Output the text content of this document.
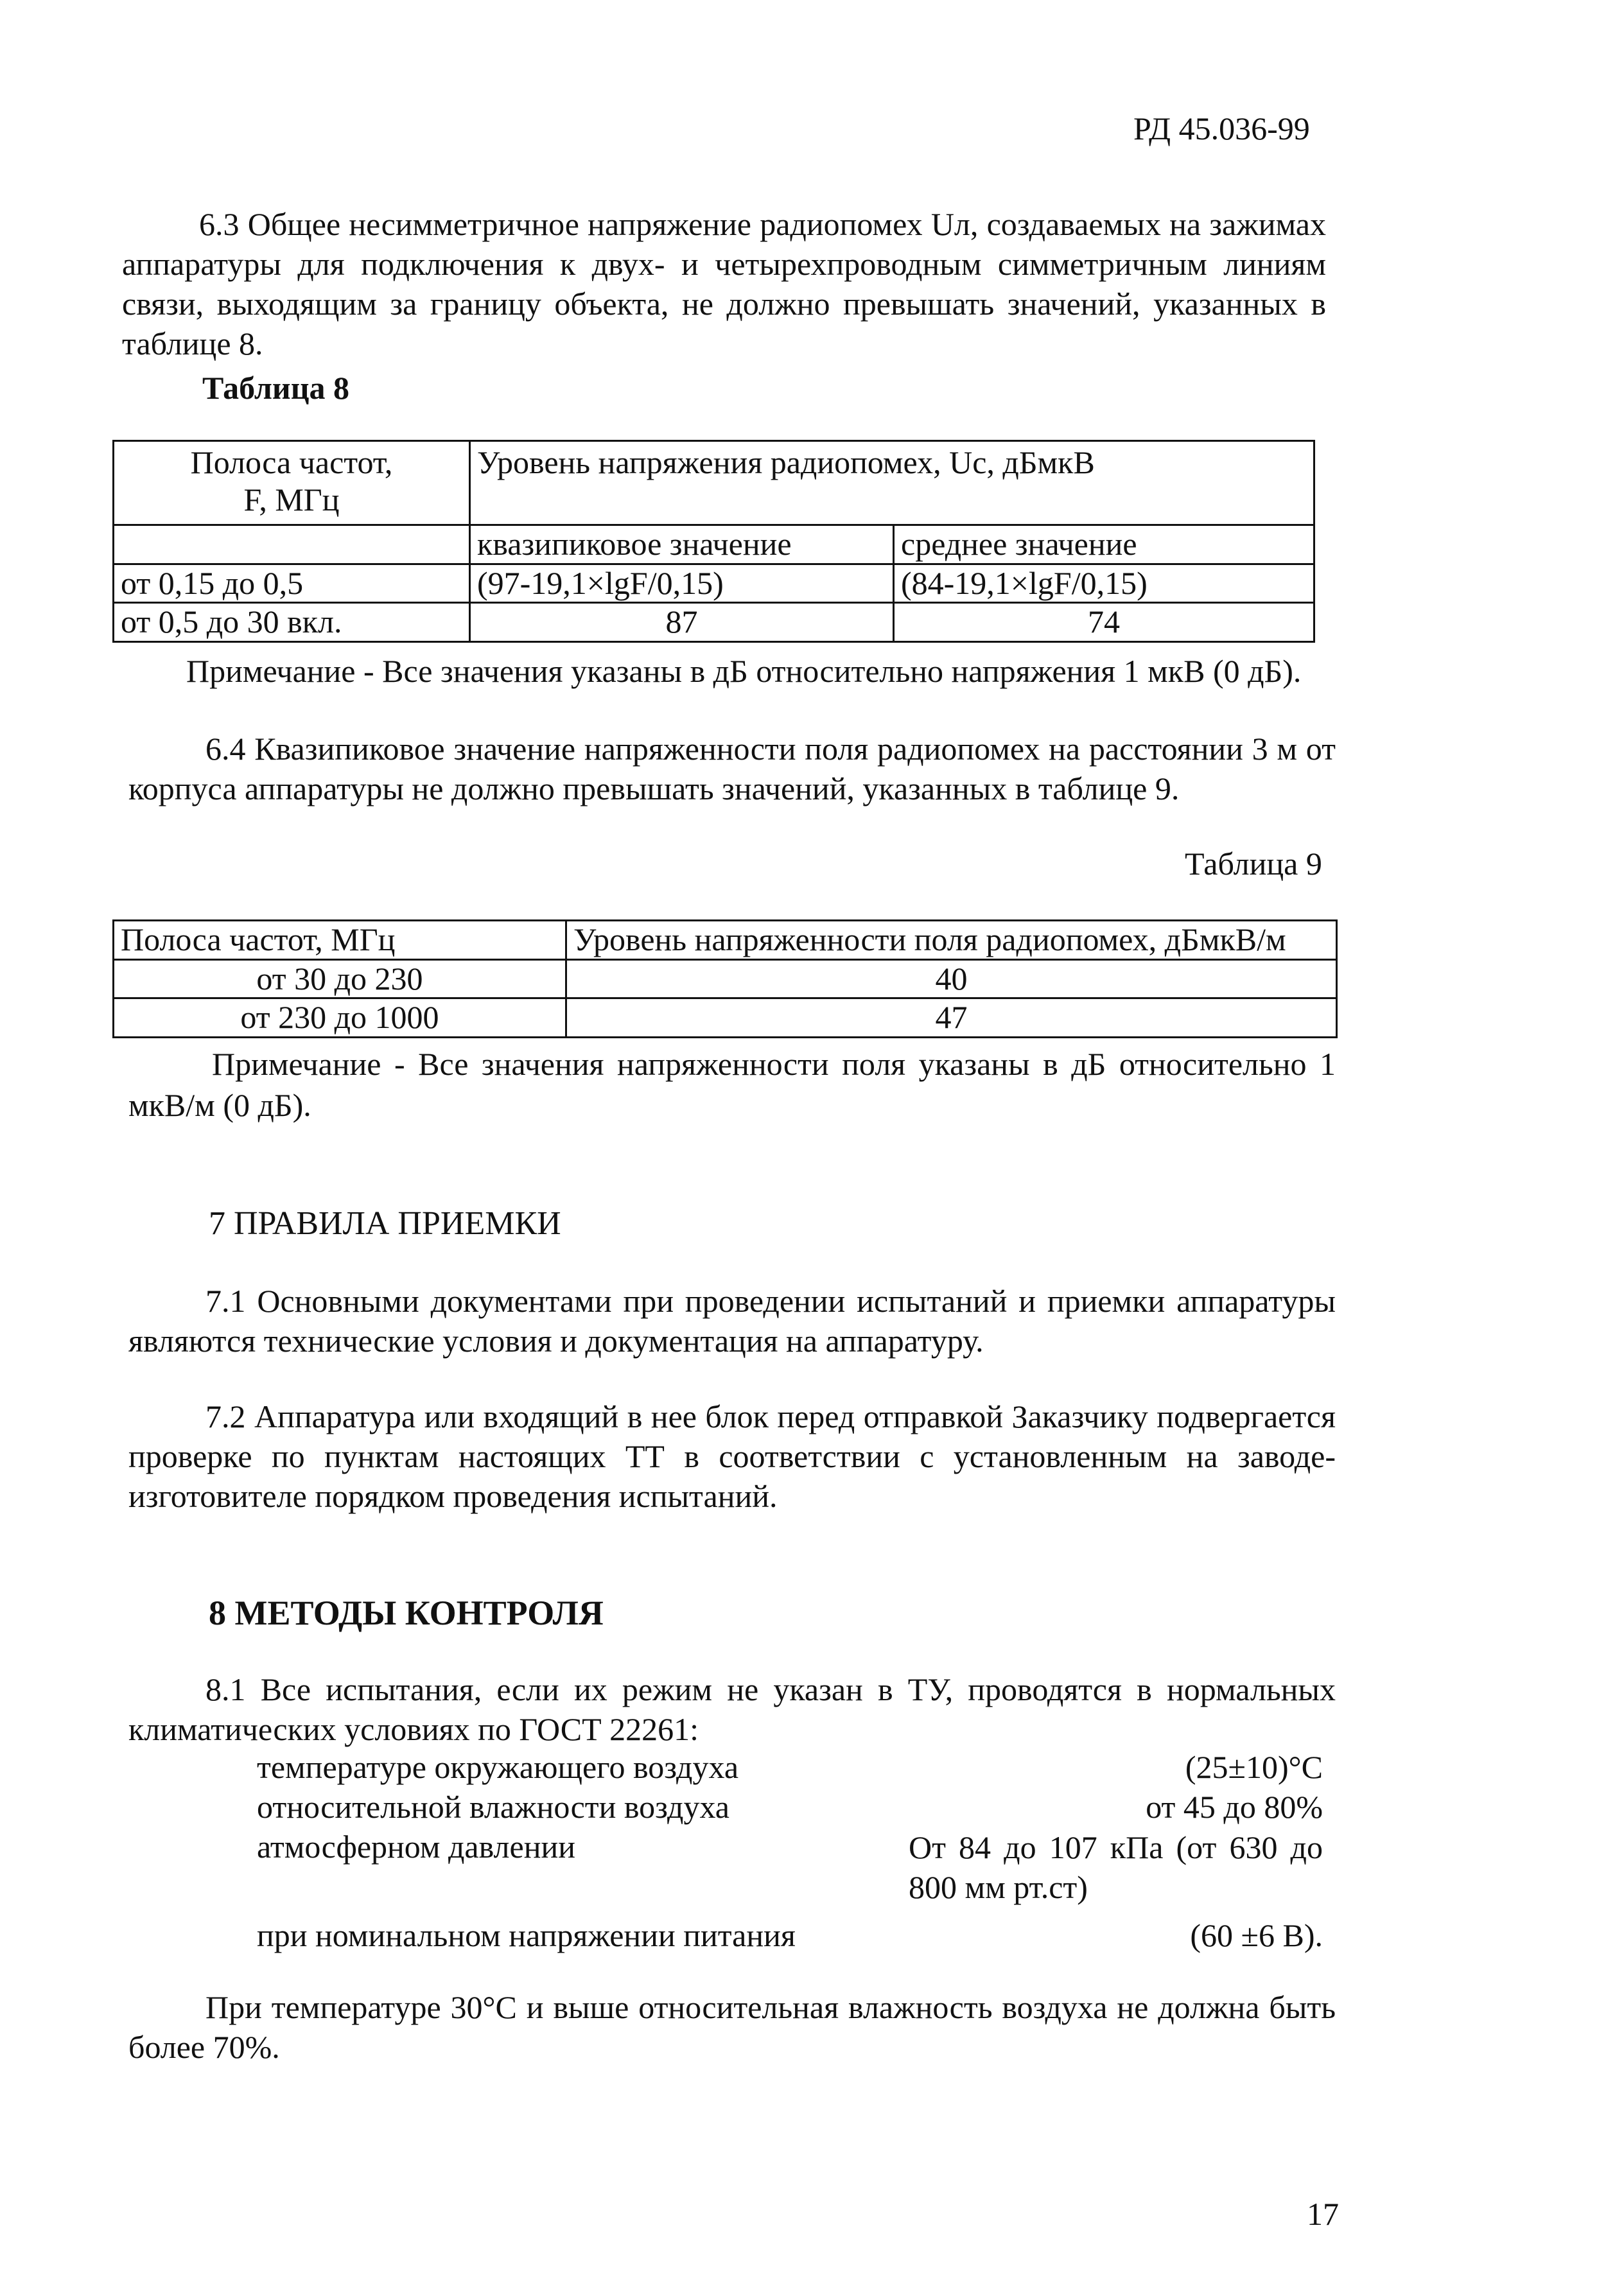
РД 45.036-99
6.3 Общее несимметричное напряжение радиопомех Uл, создаваемых на зажимах аппаратуры для подключения к двух- и четырехпроводным симметричным линиям связи, выходящим за границу объекта, не должно превышать значений, указанных в таблице 8.
Таблица 8
Полоса частот,
F, МГц	Уровень напряжения радиопомех, Uc, дБмкВ	
	квазипиковое значение	среднее значение
от 0,15 до 0,5	(97-19,1×lgF/0,15)	(84-19,1×lgF/0,15)
от 0,5 до 30 вкл.	87	74
Примечание - Все значения указаны в дБ относительно напряжения 1 мкВ (0 дБ).
6.4 Квазипиковое значение напряженности поля радиопомех на расстоянии 3 м от корпуса аппаратуры не должно превышать значений, указанных в таблице 9.
Таблица 9
Полоса частот, МГц	Уровень напряженности поля радиопомех, дБмкВ/м
от 30 до 230	40
от 230 до 1000	47
Примечание - Все значения напряженности поля указаны в дБ относительно 1 мкВ/м (0 дБ).
7 ПРАВИЛА ПРИЕМКИ
7.1 Основными документами при проведении испытаний и приемки аппаратуры являются технические условия и документация на аппаратуру.
7.2 Аппаратура или входящий в нее блок перед отправкой Заказчику подвергается проверке по пунктам настоящих ТТ в соответствии с установленным на заводе-изготовителе порядком проведения испытаний.
8 МЕТОДЫ КОНТРОЛЯ
8.1 Все испытания, если их режим не указан в ТУ, проводятся в нормальных климатических условиях по ГОСТ 22261:
температуре окружающего воздуха	(25±10)°С
относительной влажности воздуха	от 45 до 80%
атмосферном давлении	От 84 до 107 кПа (от 630 до 800 мм рт.ст)
при номинальном напряжении питания	(60 ±6 В).
При температуре 30°С и выше относительная влажность воздуха не должна быть более 70%.
17
